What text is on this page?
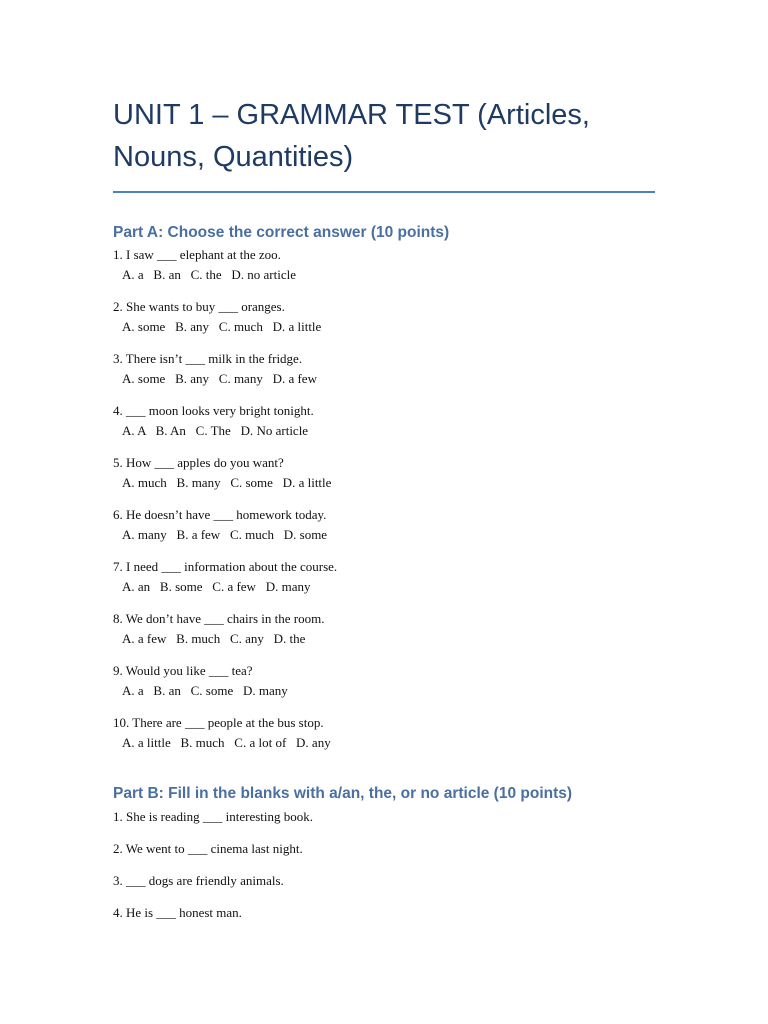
UNIT 1 – GRAMMAR TEST (Articles, Nouns, Quantities)
Part A: Choose the correct answer (10 points)
1. I saw ___ elephant at the zoo.
A. a   B. an   C. the   D. no article
2. She wants to buy ___ oranges.
A. some   B. any   C. much   D. a little
3. There isn’t ___ milk in the fridge.
A. some   B. any   C. many   D. a few
4. ___ moon looks very bright tonight.
A. A   B. An   C. The   D. No article
5. How ___ apples do you want?
A. much   B. many   C. some   D. a little
6. He doesn’t have ___ homework today.
A. many   B. a few   C. much   D. some
7. I need ___ information about the course.
A. an   B. some   C. a few   D. many
8. We don’t have ___ chairs in the room.
A. a few   B. much   C. any   D. the
9. Would you like ___ tea?
A. a   B. an   C. some   D. many
10. There are ___ people at the bus stop.
A. a little   B. much   C. a lot of   D. any
Part B: Fill in the blanks with a/an, the, or no article (10 points)
1. She is reading ___ interesting book.
2. We went to ___ cinema last night.
3. ___ dogs are friendly animals.
4. He is ___ honest man.
